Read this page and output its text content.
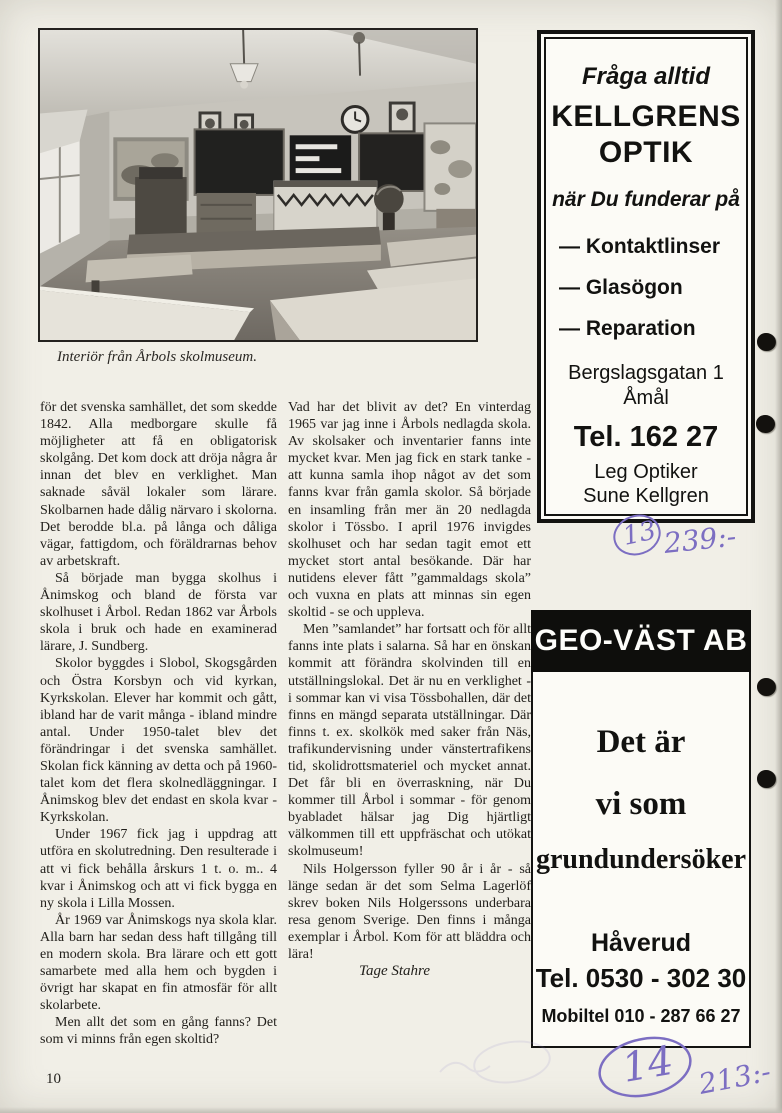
Interiör från Årbols skolmuseum.

för det svenska samhället, det som skedde 1842. Alla medborgare skulle få möjligheter att få en obligatorisk skolgång. Det kom dock att dröja några år innan det blev en verklighet. Man saknade såväl lokaler som lärare. Skolbarnen hade dålig närvaro i skolorna. Det berodde bl.a. på långa och dåliga vägar, fattigdom, och föräldrarnas behov av arbetskraft.

Så började man bygga skolhus i Ånimskog och bland de första var skolhuset i Årbol. Redan 1862 var Årbols skola i bruk och hade en examinerad lärare, J. Sundberg.

Skolor byggdes i Slobol, Skogsgården och Östra Korsbyn och vid kyrkan, Kyrkskolan. Elever har kommit och gått, ibland har de varit många - ibland mindre antal. Under 1950-talet blev det förändringar i det svenska samhället. Skolan fick känning av detta och på 1960-talet kom det flera skolnedläggningar. I Ånimskog blev det endast en skola kvar - Kyrkskolan.

Under 1967 fick jag i uppdrag att utföra en skolutredning. Den resulterade i att vi fick behålla årskurs 1 t. o. m.. 4 kvar i Ånimskog och att vi fick bygga en ny skola i Lilla Mossen.

År 1969 var Ånimskogs nya skola klar. Alla barn har sedan dess haft tillgång till en modern skola. Bra lärare och ett gott samarbete med alla hem och bygden i övrigt har skapat en fin atmosfär för allt skolarbete.

Men allt det som en gång fanns? Det som vi minns från egen skoltid?

Vad har det blivit av det? En vinterdag 1965 var jag inne i Årbols nedlagda skola. Av skolsaker och inventarier fanns inte mycket kvar. Men jag fick en stark tanke - att kunna samla ihop något av det som fanns kvar från gamla skolor. Så började en insamling från mer än 20 nedlagda skolor i Tössbo. I april 1976 invigdes skolhuset och har sedan tagit emot ett mycket stort antal besökande. Där har nutidens elever fått ”gammaldags skola” och vuxna en plats att minnas sin egen skoltid - se och uppleva.

Men ”samlandet” har fortsatt och för allt fanns inte plats i salarna. Så har en önskan kommit att förändra skolvinden till en utställningslokal. Det är nu en verklighet - i sommar kan vi visa Tössbohallen, där det finns en mängd separata utställningar. Där finns t. ex. skolkök med saker från Näs, trafikundervisning under vänstertrafikens tid, skolidrottsmateriel och mycket annat. Det får bli en överraskning, när Du kommer till Årbol i sommar - för genom byabladet hälsar jag Dig hjärtligt välkommen till ett uppfräschat och utökat skolmuseum!

Nils Holgersson fyller 90 år i år - så länge sedan är det som Selma Lagerlöf skrev boken Nils Holgerssons underbara resa genom Sverige. Den finns i många exemplar i Årbol. Kom för att bläddra och lära!

Tage Stahre

Fråga alltid
KELLGRENS
OPTIK
när Du funderar på
— Kontaktlinser
— Glasögon
— Reparation
Bergslagsgatan 1
Åmål
Tel. 162 27
Leg Optiker
Sune Kellgren
13 239:-
GEO-VÄST AB
Det är
vi som
grundundersöker
Håverud
Tel. 0530 - 302 30
Mobiltel 010 - 287 66 27
14 213:-
10
